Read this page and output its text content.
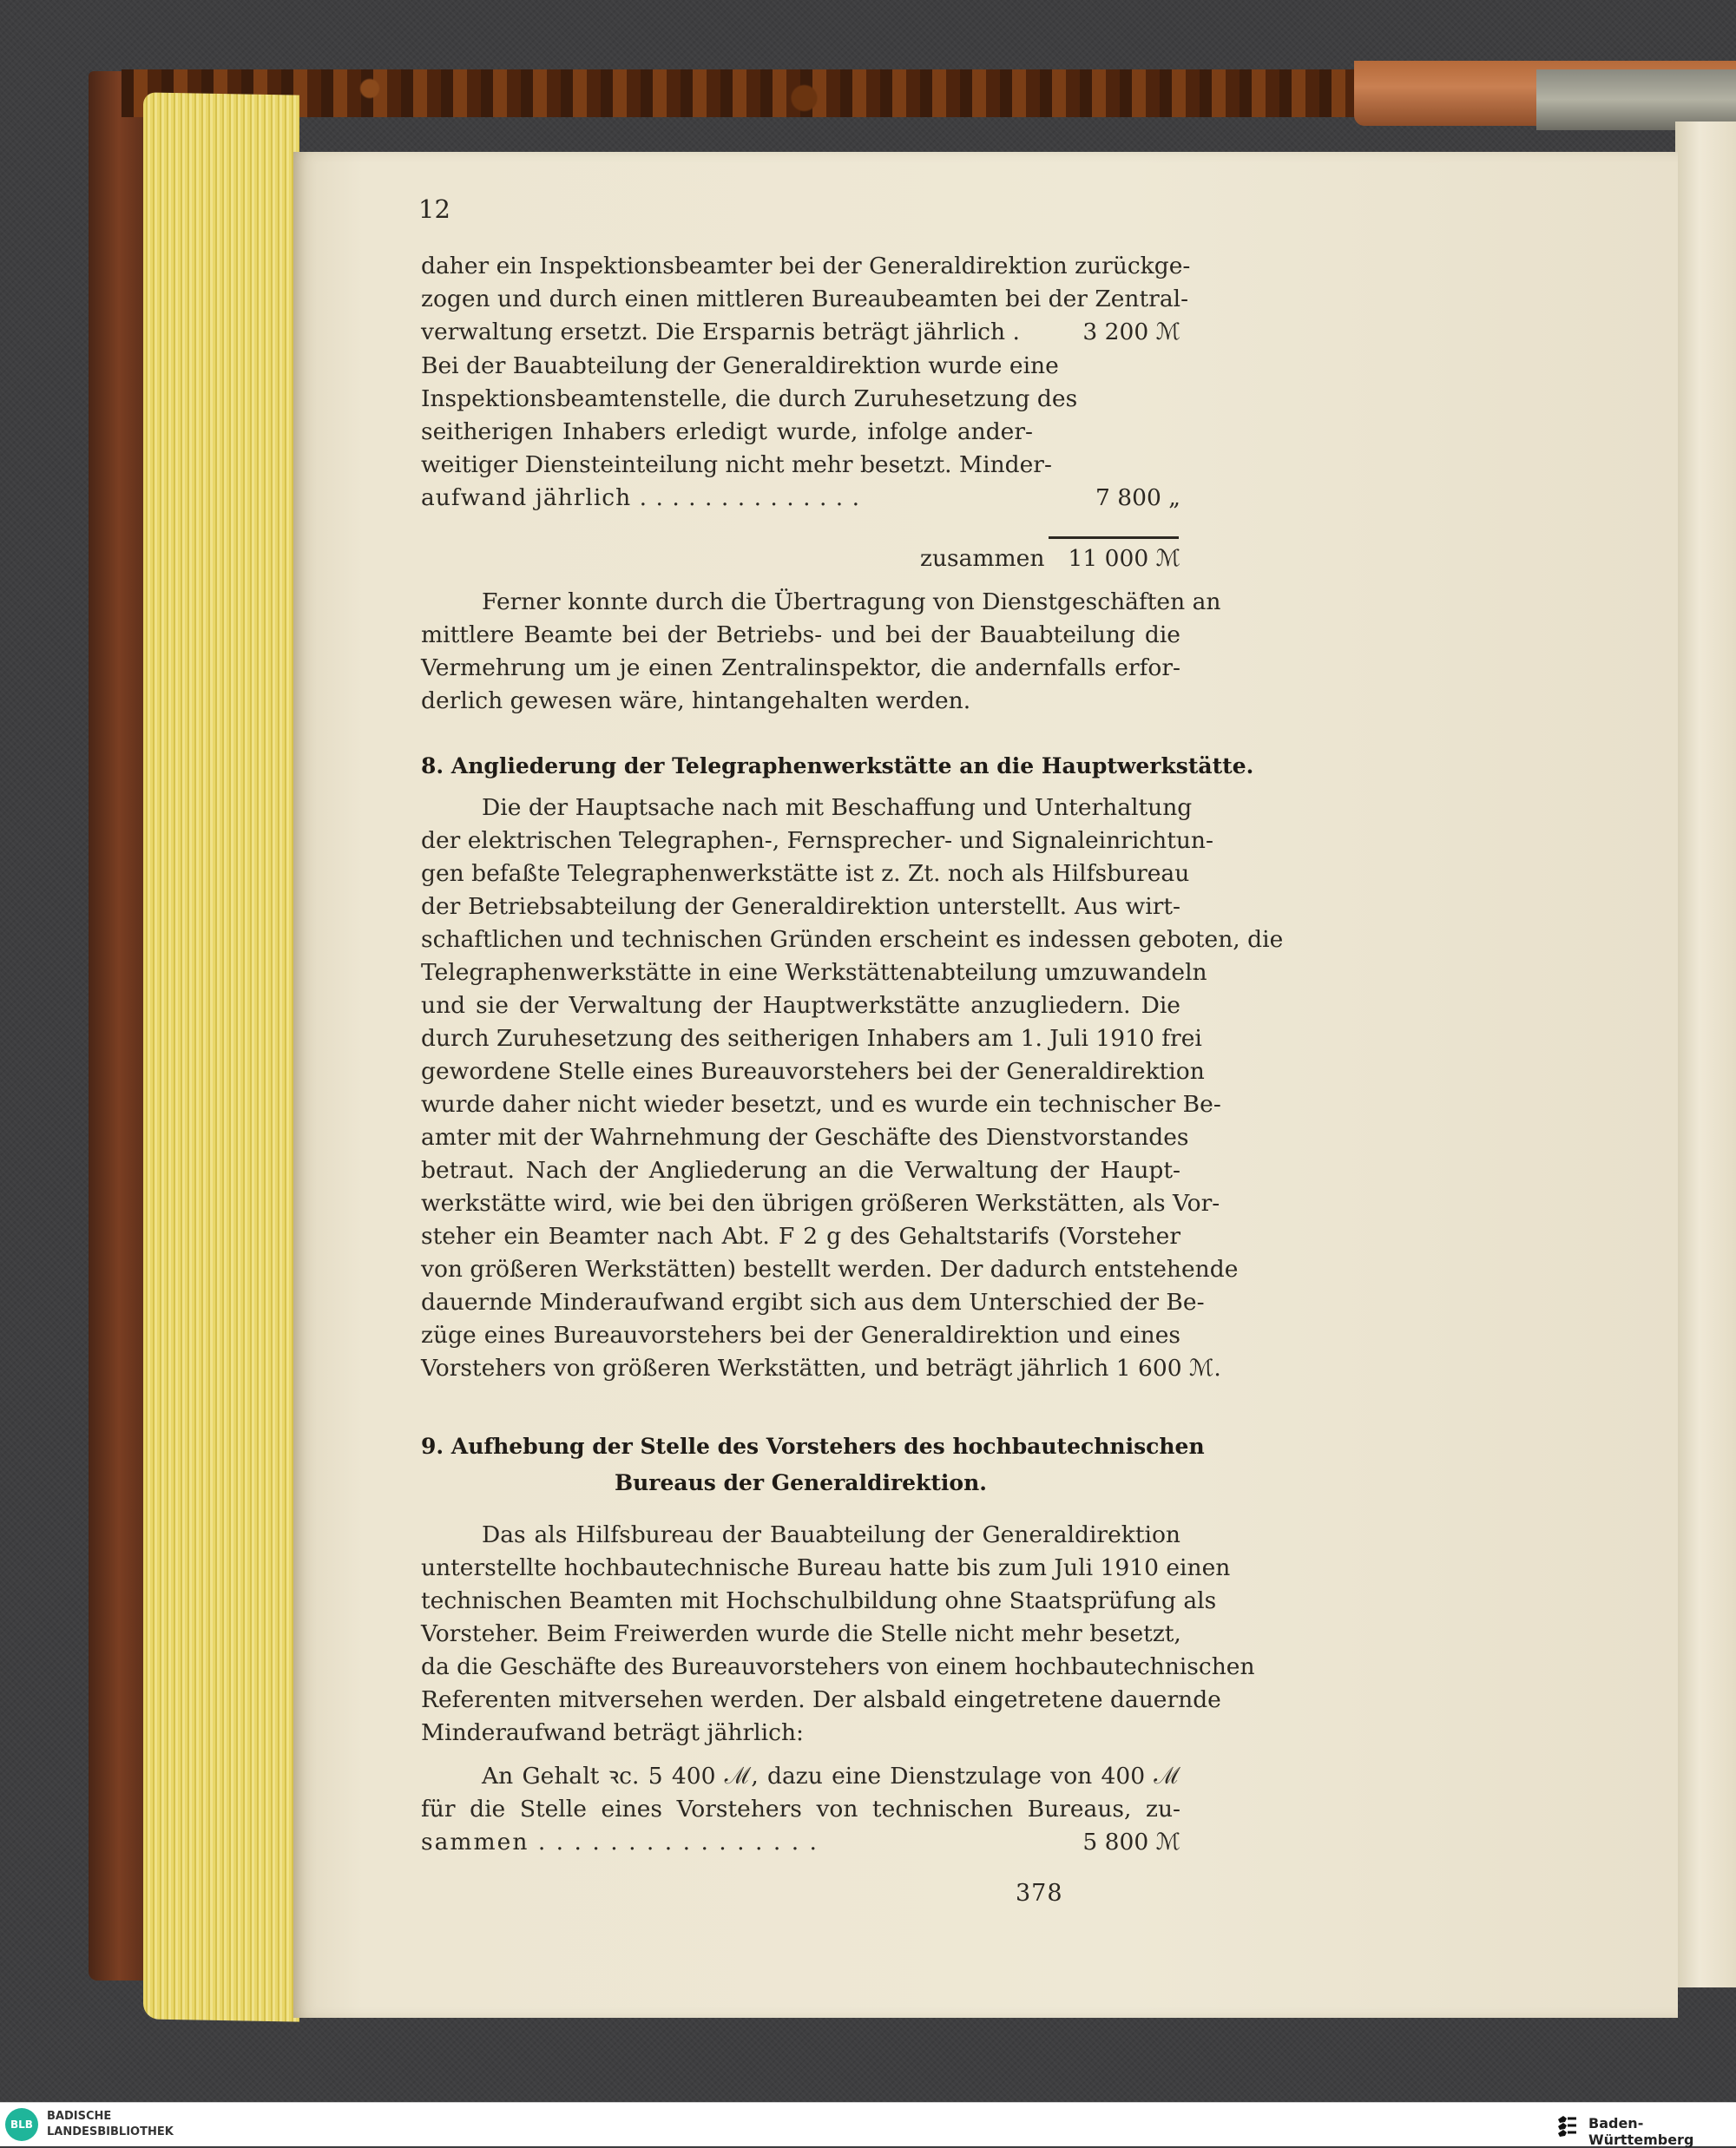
12
daher ein Inspektionsbeamter bei der Generaldirektion zurückge-
zogen und durch einen mittleren Bureaubeamten bei der Zentral-
verwaltung ersetzt. Die Ersparnis beträgt jährlich .	3 200 ℳ
Bei der Bauabteilung der Generaldirektion wurde eine
Inspektionsbeamtenstelle, die durch Zuruhesetzung des
seitherigen Inhabers erledigt wurde, infolge ander-
weitiger Diensteinteilung nicht mehr besetzt. Minder-
aufwand jährlich . . . . . . . . . . . . . .	7 800 „
zusammen	11 000 ℳ
Ferner konnte durch die Übertragung von Dienstgeschäften an
mittlere Beamte bei der Betriebs- und bei der Bauabteilung die
Vermehrung um je einen Zentralinspektor, die andernfalls erfor-
derlich gewesen wäre, hintangehalten werden.
8. Angliederung der Telegraphenwerkstätte an die Hauptwerkstätte.
Die der Hauptsache nach mit Beschaffung und Unterhaltung
der elektrischen Telegraphen-, Fernsprecher- und Signaleinrichtun-
gen befaßte Telegraphenwerkstätte ist z. Zt. noch als Hilfsbureau
der Betriebsabteilung der Generaldirektion unterstellt. Aus wirt-
schaftlichen und technischen Gründen erscheint es indessen geboten, die
Telegraphenwerkstätte in eine Werkstättenabteilung umzuwandeln
und sie der Verwaltung der Hauptwerkstätte anzugliedern. Die
durch Zuruhesetzung des seitherigen Inhabers am 1. Juli 1910 frei
gewordene Stelle eines Bureauvorstehers bei der Generaldirektion
wurde daher nicht wieder besetzt, und es wurde ein technischer Be-
amter mit der Wahrnehmung der Geschäfte des Dienstvorstandes
betraut. Nach der Angliederung an die Verwaltung der Haupt-
werkstätte wird, wie bei den übrigen größeren Werkstätten, als Vor-
steher ein Beamter nach Abt. F 2 g des Gehaltstarifs (Vorsteher
von größeren Werkstätten) bestellt werden. Der dadurch entstehende
dauernde Minderaufwand ergibt sich aus dem Unterschied der Be-
züge eines Bureauvorstehers bei der Generaldirektion und eines
Vorstehers von größeren Werkstätten, und beträgt jährlich 1 600 ℳ.
9. Aufhebung der Stelle des Vorstehers des hochbautechnischen
Bureaus der Generaldirektion.
Das als Hilfsbureau der Bauabteilung der Generaldirektion
unterstellte hochbautechnische Bureau hatte bis zum Juli 1910 einen
technischen Beamten mit Hochschulbildung ohne Staatsprüfung als
Vorsteher. Beim Freiwerden wurde die Stelle nicht mehr besetzt,
da die Geschäfte des Bureauvorstehers von einem hochbautechnischen
Referenten mitversehen werden. Der alsbald eingetretene dauernde
Minderaufwand beträgt jährlich:
An Gehalt ꝛc. 5 400 ℳ, dazu eine Dienstzulage von 400 ℳ
für die Stelle eines Vorstehers von technischen Bureaus, zu-
sammen . . . . . . . . . . . . . . . .	5 800 ℳ
378
BLB
BADISCHE
LANDESBIBLIOTHEK
Baden-Württemberg
